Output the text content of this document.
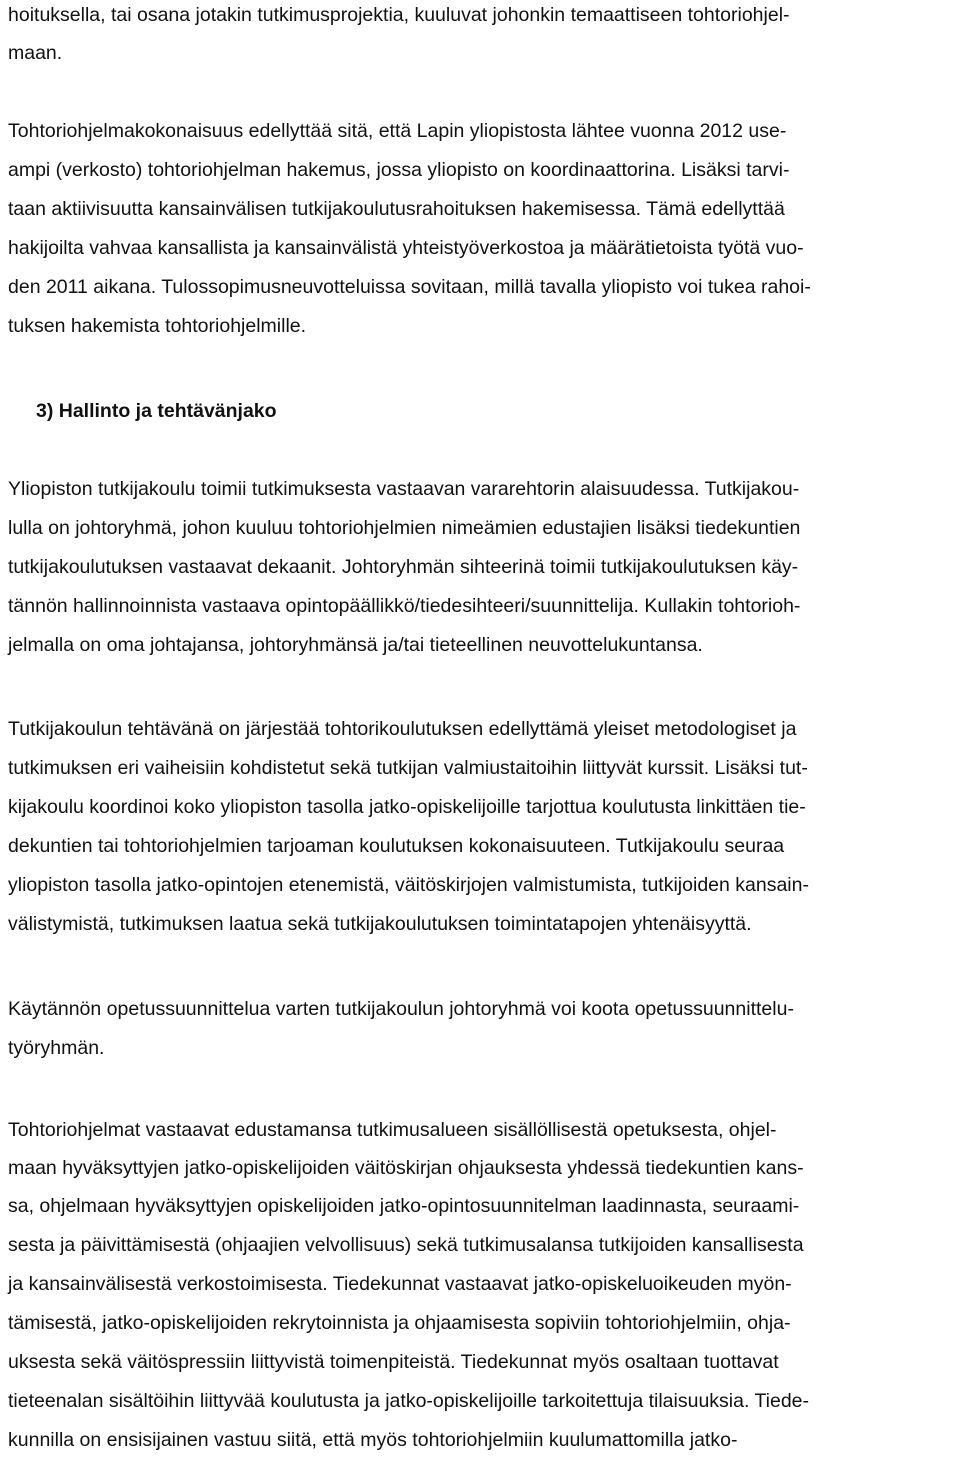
hoituksella, tai osana jotakin tutkimusprojektia, kuuluvat johonkin temaattiseen tohtoriohjel-

maan.

Tohtoriohjelmakokonaisuus edellyttää sitä, että Lapin yliopistosta lähtee vuonna 2012 use-

ampi (verkosto) tohtoriohjelman hakemus, jossa yliopisto on koordinaattorina. Lisäksi tarvi-

taan aktiivisuutta kansainvälisen tutkijakoulutusrahoituksen hakemisessa. Tämä edellyttää

hakijoilta vahvaa kansallista ja kansainvälistä yhteistyöverkostoa ja määrätietoista työtä vuo-

den 2011 aikana. Tulossopimusneuvotteluissa sovitaan, millä tavalla yliopisto voi tukea rahoi-

tuksen hakemista tohtoriohjelmille.

3) Hallinto ja tehtävänjako

Yliopiston tutkijakoulu toimii tutkimuksesta vastaavan vararehtorin alaisuudessa. Tutkijakou-

lulla on johtoryhmä, johon kuuluu tohtoriohjelmien nimeämien edustajien lisäksi tiedekuntien

tutkijakoulutuksen vastaavat dekaanit. Johtoryhmän sihteerinä toimii tutkijakoulutuksen käy-

tännön hallinnoinnista vastaava opintopäällikkö/tiedesihteeri/suunnittelija. Kullakin tohtorioh-

jelmalla on oma johtajansa, johtoryhmänsä ja/tai tieteellinen neuvottelukuntansa.

Tutkijakoulun tehtävänä on järjestää tohtorikoulutuksen edellyttämä yleiset metodologiset ja

tutkimuksen eri vaiheisiin kohdistetut sekä tutkijan valmiustaitoihin liittyvät kurssit. Lisäksi tut-

kijakoulu koordinoi koko yliopiston tasolla jatko-opiskelijoille tarjottua koulutusta linkittäen tie-

dekuntien tai tohtoriohjelmien tarjoaman koulutuksen kokonaisuuteen. Tutkijakoulu seuraa

yliopiston tasolla jatko-opintojen etenemistä, väitöskirjojen valmistumista, tutkijoiden kansain-

välistymistä, tutkimuksen laatua sekä tutkijakoulutuksen toimintatapojen yhtenäisyyttä.

Käytännön opetussuunnittelua varten tutkijakoulun johtoryhmä voi koota opetussuunnittelu-

työryhmän.

Tohtoriohjelmat vastaavat edustamansa tutkimusalueen sisällöllisestä opetuksesta, ohjel-

maan hyväksyttyjen jatko-opiskelijoiden väitöskirjan ohjauksesta yhdessä tiedekuntien kans-

sa, ohjelmaan hyväksyttyjen opiskelijoiden jatko-opintosuunnitelman laadinnasta, seuraami-

sesta ja päivittämisestä (ohjaajien velvollisuus) sekä tutkimusalansa tutkijoiden kansallisesta

ja kansainvälisestä verkostoimisesta. Tiedekunnat vastaavat jatko-opiskeluoikeuden myön-

tämisestä, jatko-opiskelijoiden rekrytoinnista ja ohjaamisesta sopiviin tohtoriohjelmiin, ohja-

uksesta sekä väitöspressiin liittyvistä toimenpiteistä. Tiedekunnat myös osaltaan tuottavat

tieteenalan sisältöihin liittyvää koulutusta ja jatko-opiskelijoille tarkoitettuja tilaisuuksia. Tiede-

kunnilla on ensisijainen vastuu siitä, että myös tohtoriohjelmiin kuulumattomilla jatko-
